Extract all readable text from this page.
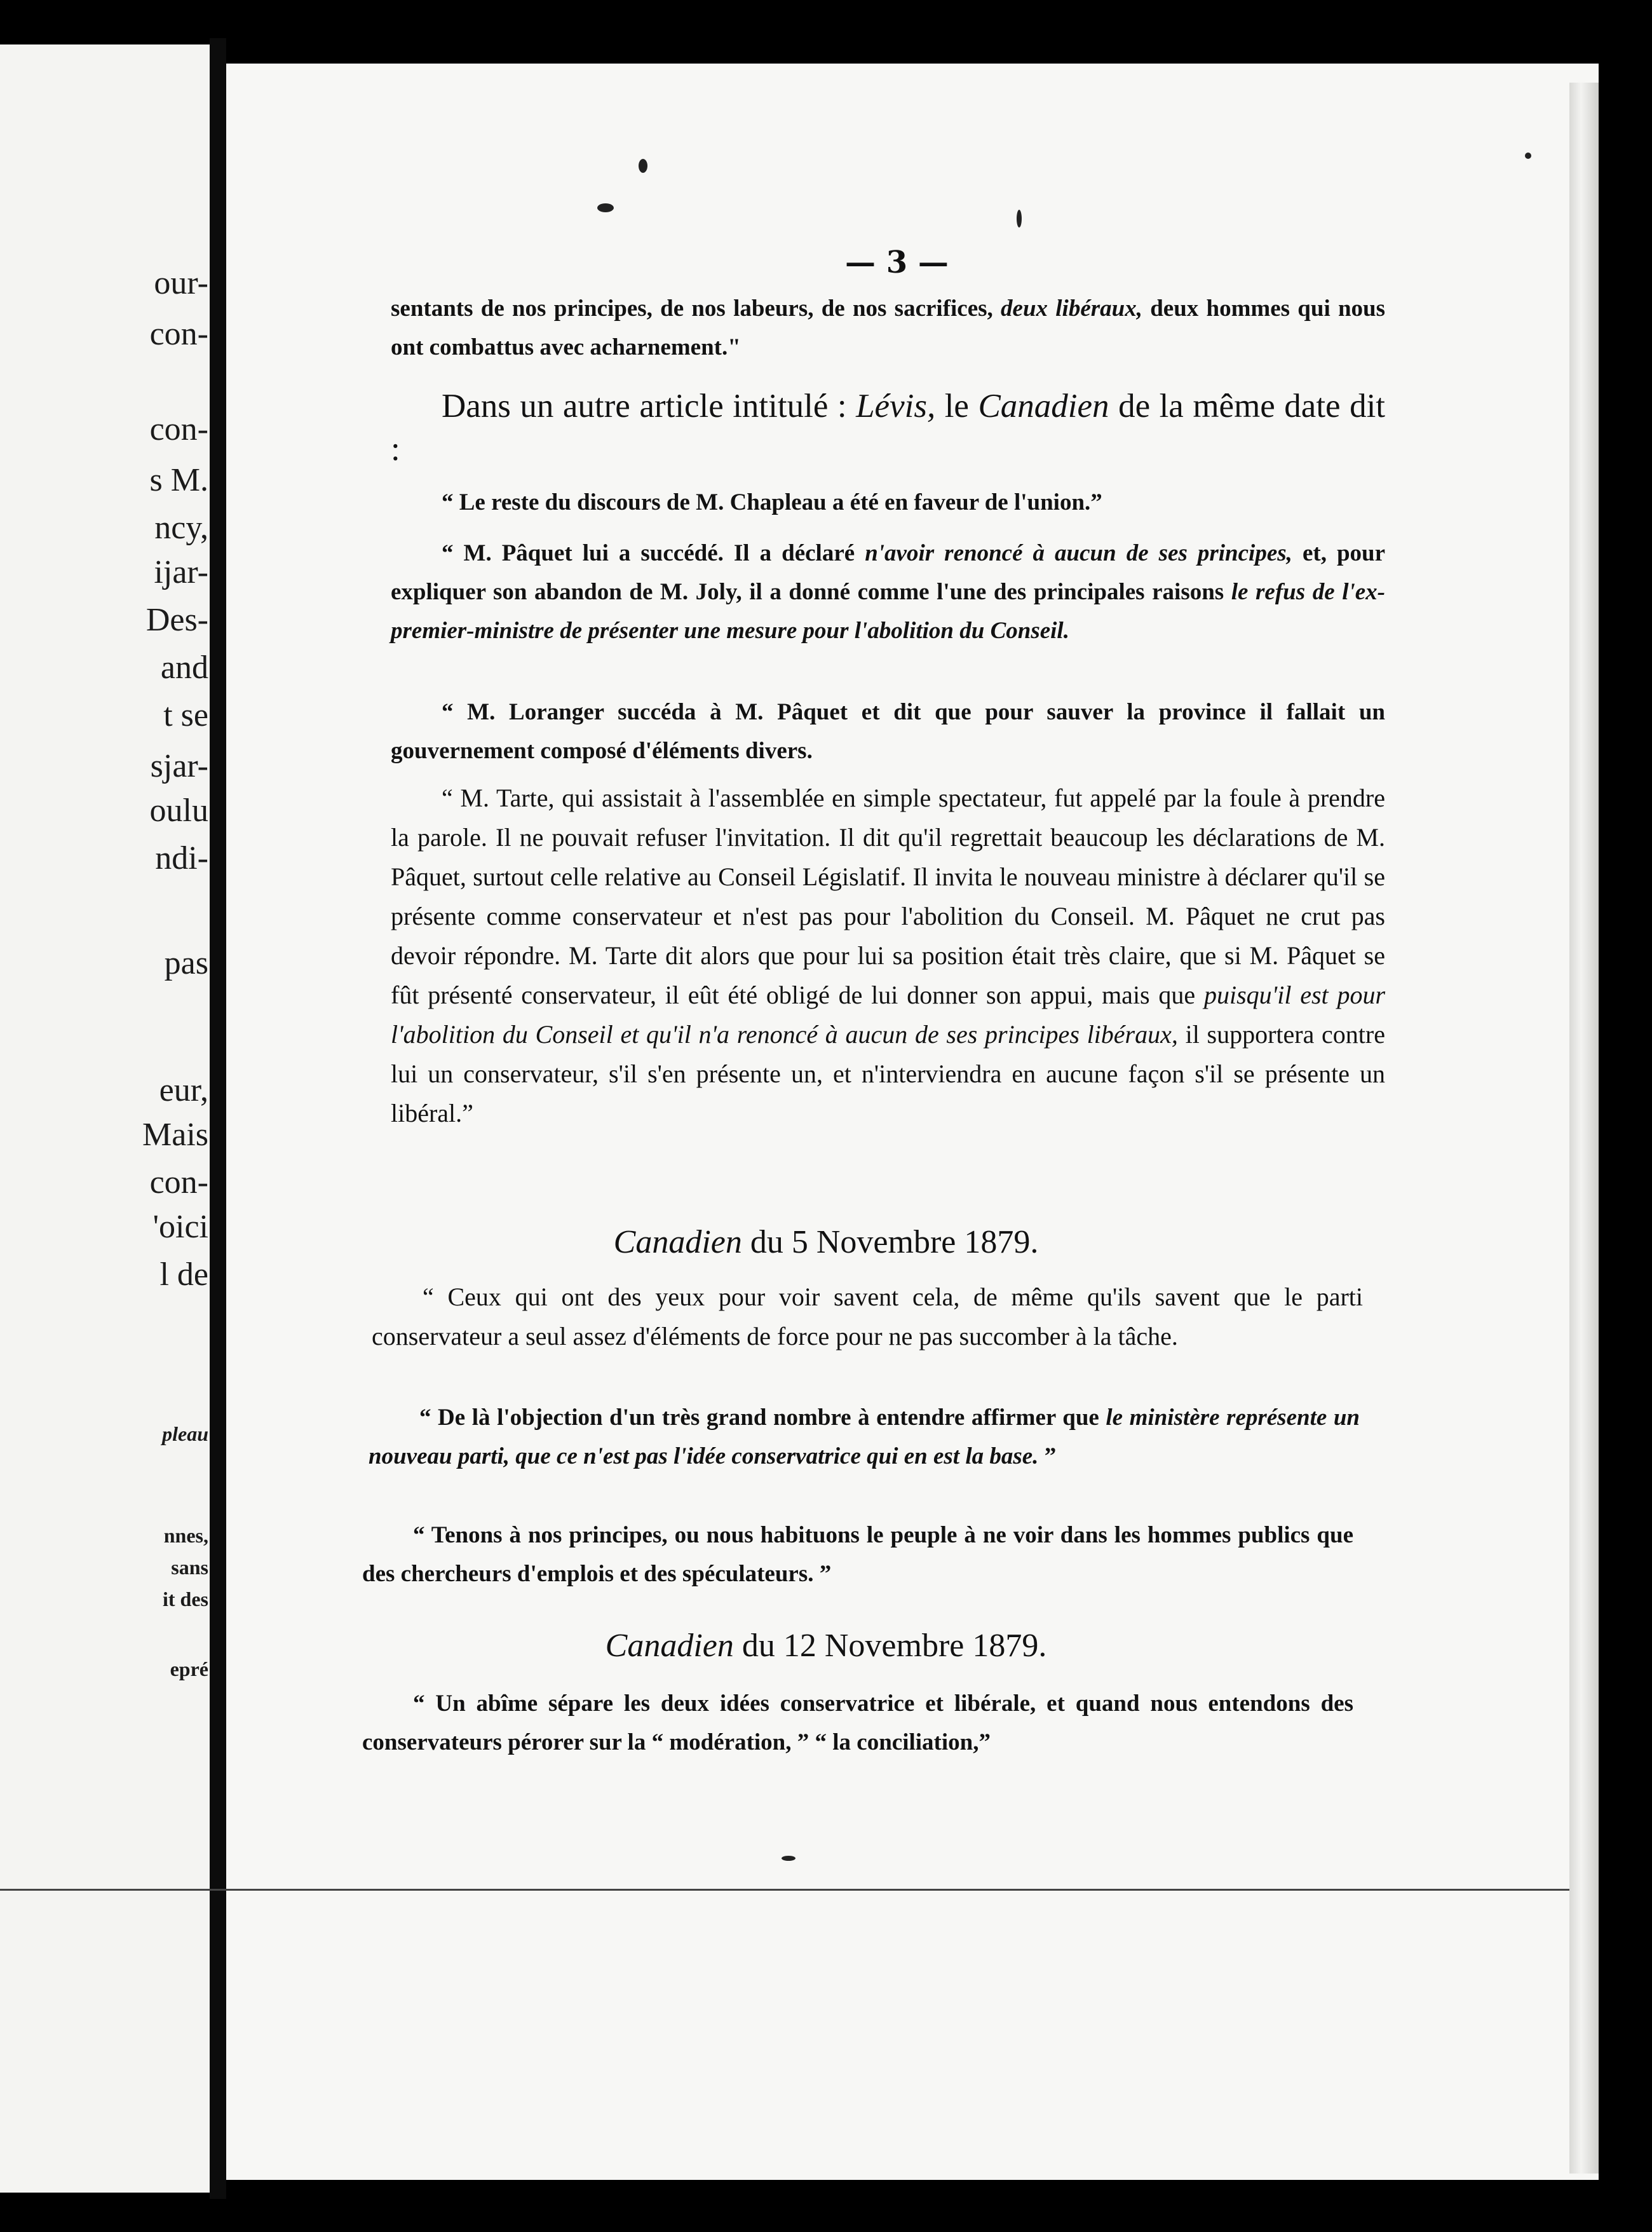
our-
con-
con-
s M.
ncy,
ijar-
Des-
and
t se
sjar-
oulu
ndi-
pas
eur,
Mais
con-
'oici
l de
pleau
nnes,
sans
it des
epré
— 3 —
sentants de nos principes, de nos labeurs, de nos sacrifices, deux libéraux, deux hommes qui nous ont combattus avec acharnement."
Dans un autre article intitulé : Lévis, le Canadien de la même date dit :
“ Le reste du discours de M. Chapleau a été en faveur de l'union.”
“ M. Pâquet lui a succédé. Il a déclaré n'avoir renoncé à aucun de ses principes, et, pour expliquer son abandon de M. Joly, il a donné comme l'une des principales raisons le refus de l'ex-premier-ministre de présenter une mesure pour l'abolition du Conseil.
“ M. Loranger succéda à M. Pâquet et dit que pour sauver la province il fallait un gouvernement composé d'éléments divers.
“ M. Tarte, qui assistait à l'assemblée en simple spectateur, fut appelé par la foule à prendre la parole. Il ne pouvait refuser l'invitation. Il dit qu'il regrettait beaucoup les déclarations de M. Pâquet, surtout celle relative au Conseil Législatif. Il invita le nouveau ministre à déclarer qu'il se présente comme conservateur et n'est pas pour l'abolition du Conseil. M. Pâquet ne crut pas devoir répondre. M. Tarte dit alors que pour lui sa position était très claire, que si M. Pâquet se fût présenté conservateur, il eût été obligé de lui donner son appui, mais que puisqu'il est pour l'abolition du Conseil et qu'il n'a renoncé à aucun de ses principes libéraux, il supportera contre lui un conservateur, s'il s'en présente un, et n'interviendra en aucune façon s'il se présente un libéral.”
Canadien du 5 Novembre 1879.
“ Ceux qui ont des yeux pour voir savent cela, de même qu'ils savent que le parti conservateur a seul assez d'éléments de force pour ne pas succomber à la tâche.
“ De là l'objection d'un très grand nombre à entendre affirmer que le ministère représente un nouveau parti, que ce n'est pas l'idée conservatrice qui en est la base. ”
“ Tenons à nos principes, ou nous habituons le peuple à ne voir dans les hommes publics que des chercheurs d'emplois et des spéculateurs. ”
Canadien du 12 Novembre 1879.
“ Un abîme sépare les deux idées conservatrice et libérale, et quand nous entendons des conservateurs pérorer sur la “ modération, ” “ la conciliation,”
